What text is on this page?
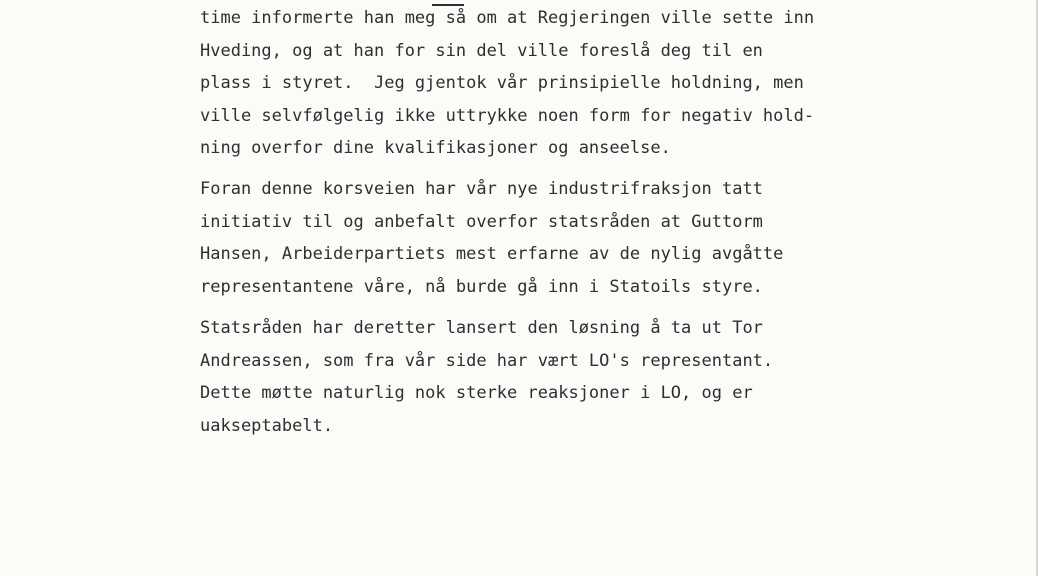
time informerte han meg så om at Regjeringen ville sette inn
Hveding, og at han for sin del ville foreslå deg til en
plass i styret.  Jeg gjentok vår prinsipielle holdning, men
ville selvfølgelig ikke uttrykke noen form for negativ hold-
ning overfor dine kvalifikasjoner og anseelse.
Foran denne korsveien har vår nye industrifraksjon tatt
initiativ til og anbefalt overfor statsråden at Guttorm
Hansen, Arbeiderpartiets mest erfarne av de nylig avgåtte
representantene våre, nå burde gå inn i Statoils styre.
Statsråden har deretter lansert den løsning å ta ut Tor
Andreassen, som fra vår side har vært LO's representant.
Dette møtte naturlig nok sterke reaksjoner i LO, og er
uakseptabelt.
